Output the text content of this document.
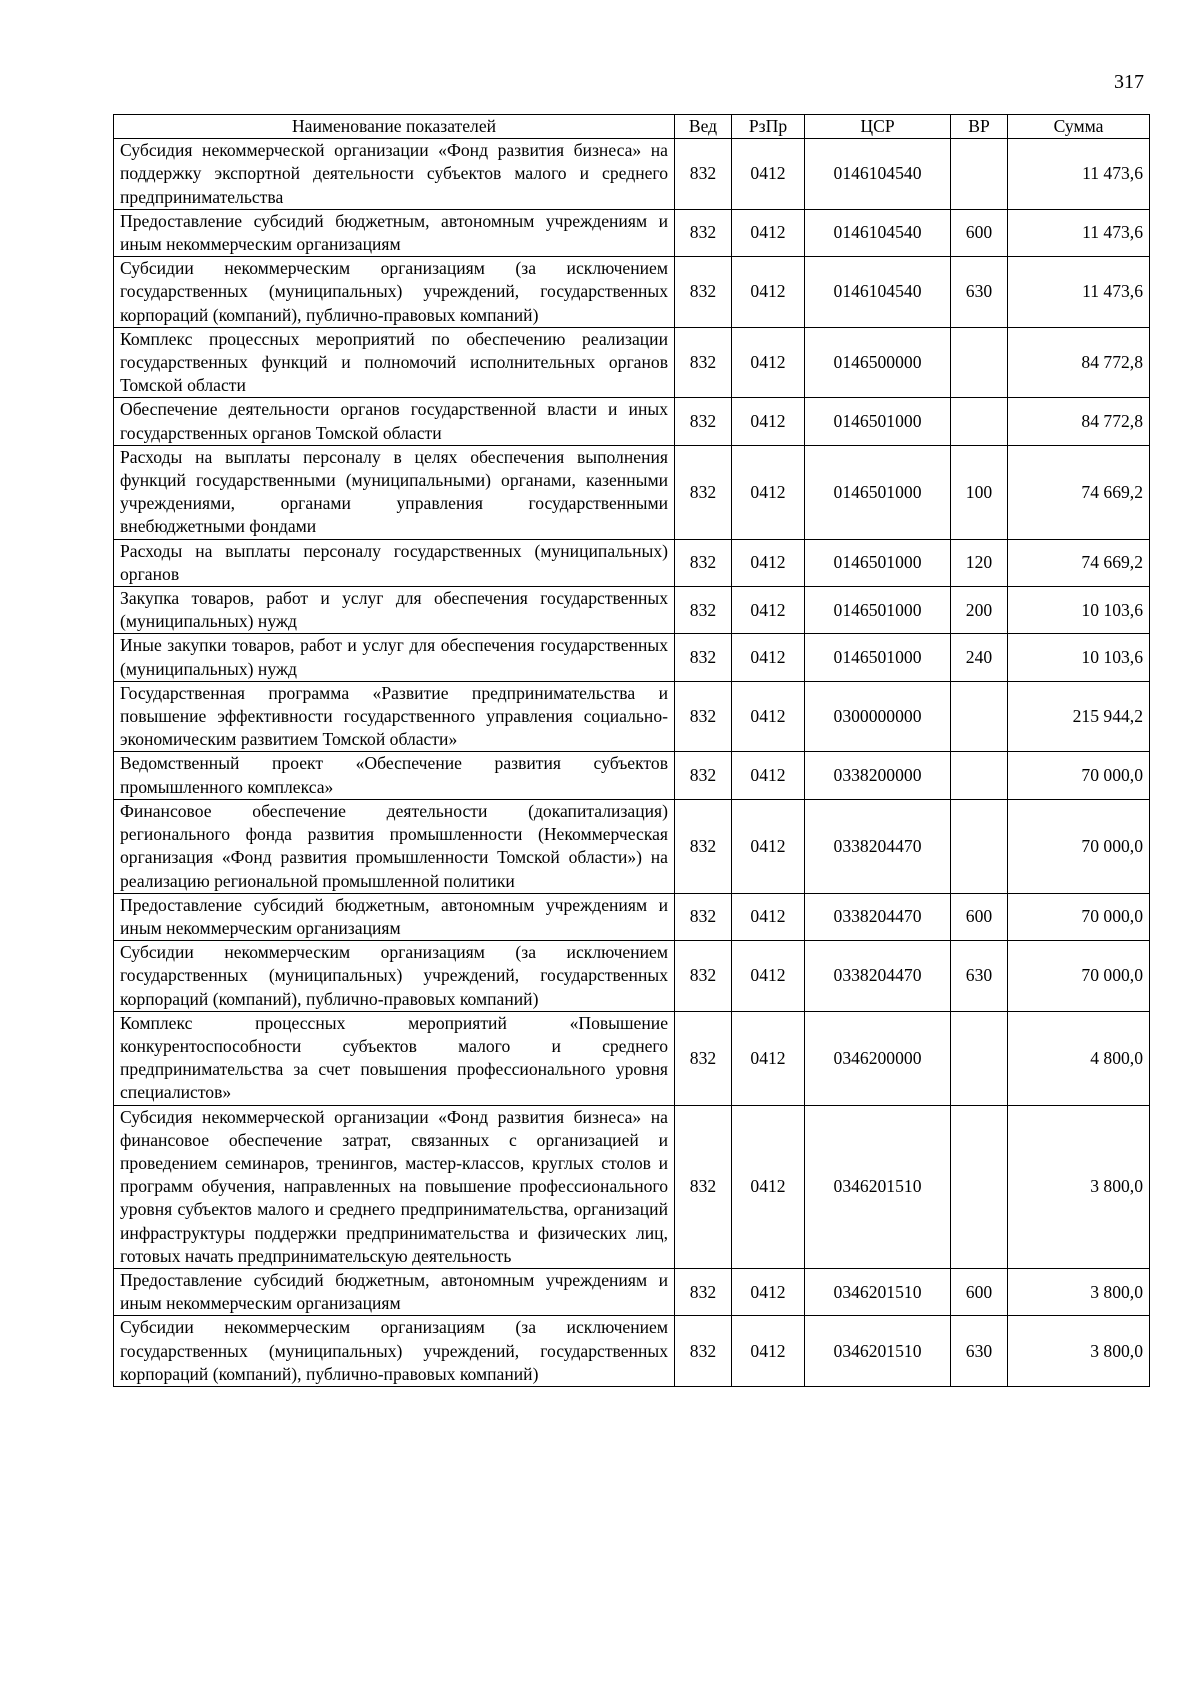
317
Наименование показателей	Вед	РзПр	ЦСР	ВР	Сумма
Субсидия некоммерческой организации «Фонд развития бизнеса» на поддержку экспортной деятельности субъектов малого и среднего предпринимательства	832	0412	0146104540		11 473,6
Предоставление субсидий бюджетным, автономным учреждениям и иным некоммерческим организациям	832	0412	0146104540	600	11 473,6
Субсидии некоммерческим организациям (за исключением государственных (муниципальных) учреждений, государственных корпораций (компаний), публично-правовых компаний)	832	0412	0146104540	630	11 473,6
Комплекс процессных мероприятий по обеспечению реализации государственных функций и полномочий исполнительных органов Томской области	832	0412	0146500000		84 772,8
Обеспечение деятельности органов государственной власти и иных государственных органов Томской области	832	0412	0146501000		84 772,8
Расходы на выплаты персоналу в целях обеспечения выполнения функций государственными (муниципальными) органами, казенными учреждениями, органами управления государственными внебюджетными фондами	832	0412	0146501000	100	74 669,2
Расходы на выплаты персоналу государственных (муниципальных) органов	832	0412	0146501000	120	74 669,2
Закупка товаров, работ и услуг для обеспечения государственных (муниципальных) нужд	832	0412	0146501000	200	10 103,6
Иные закупки товаров, работ и услуг для обеспечения государственных (муниципальных) нужд	832	0412	0146501000	240	10 103,6
Государственная программа «Развитие предпринимательства и повышение эффективности государственного управления социально-экономическим развитием Томской области»	832	0412	0300000000		215 944,2
Ведомственный проект «Обеспечение развития субъектов промышленного комплекса»	832	0412	0338200000		70 000,0
Финансовое обеспечение деятельности (докапитализация) регионального фонда развития промышленности (Некоммерческая организация «Фонд развития промышленности Томской области») на реализацию региональной промышленной политики	832	0412	0338204470		70 000,0
Предоставление субсидий бюджетным, автономным учреждениям и иным некоммерческим организациям	832	0412	0338204470	600	70 000,0
Субсидии некоммерческим организациям (за исключением государственных (муниципальных) учреждений, государственных корпораций (компаний), публично-правовых компаний)	832	0412	0338204470	630	70 000,0
Комплекс процессных мероприятий «Повышение конкурентоспособности субъектов малого и среднего предпринимательства за счет повышения профессионального уровня специалистов»	832	0412	0346200000		4 800,0
Субсидия некоммерческой организации «Фонд развития бизнеса» на финансовое обеспечение затрат, связанных с организацией и проведением семинаров, тренингов, мастер-классов, круглых столов и программ обучения, направленных на повышение профессионального уровня субъектов малого и среднего предпринимательства, организаций инфраструктуры поддержки предпринимательства и физических лиц, готовых начать предпринимательскую деятельность	832	0412	0346201510		3 800,0
Предоставление субсидий бюджетным, автономным учреждениям и иным некоммерческим организациям	832	0412	0346201510	600	3 800,0
Субсидии некоммерческим организациям (за исключением государственных (муниципальных) учреждений, государственных корпораций (компаний), публично-правовых компаний)	832	0412	0346201510	630	3 800,0
